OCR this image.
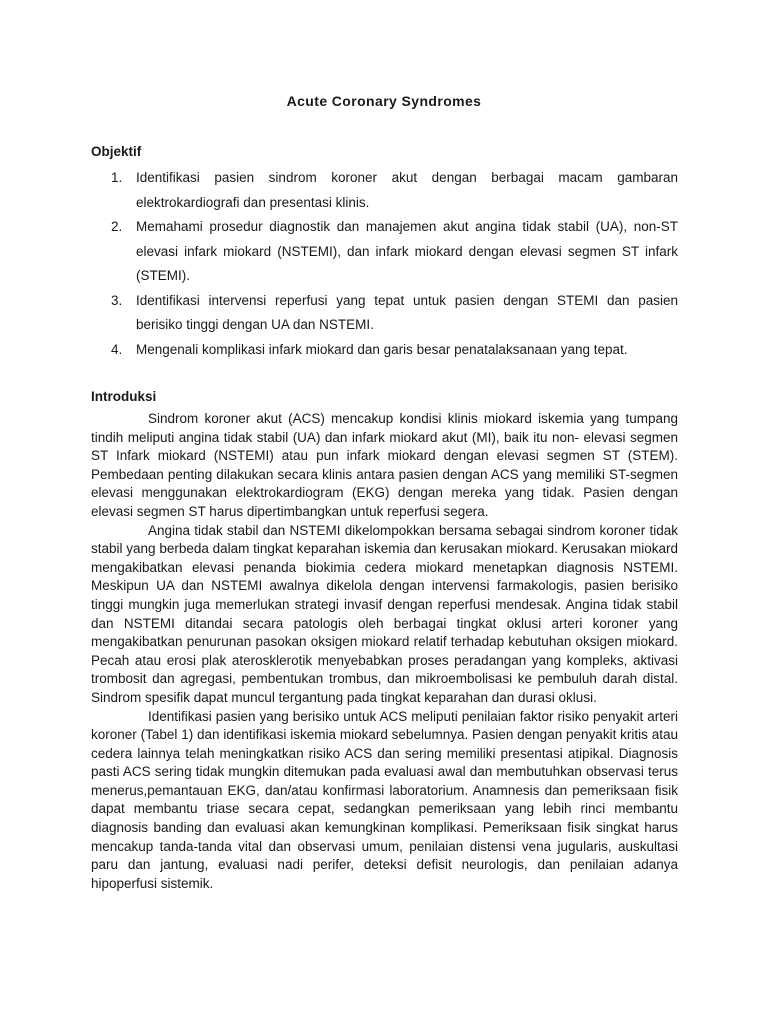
Acute Coronary Syndromes
Objektif
1. Identifikasi pasien sindrom koroner akut dengan berbagai macam gambaran elektrokardiografi dan presentasi klinis.
2. Memahami prosedur diagnostik dan manajemen akut angina tidak stabil (UA), non-ST elevasi infark miokard (NSTEMI), dan infark miokard dengan elevasi segmen ST infark (STEMI).
3. Identifikasi intervensi reperfusi yang tepat untuk pasien dengan STEMI dan pasien berisiko tinggi dengan UA dan NSTEMI.
4. Mengenali komplikasi infark miokard dan garis besar penatalaksanaan yang tepat.
Introduksi

Sindrom koroner akut (ACS) mencakup kondisi klinis miokard iskemia yang tumpang tindih meliputi angina tidak stabil (UA) dan infark miokard akut (MI), baik itu non- elevasi segmen ST Infark miokard (NSTEMI) atau pun infark miokard dengan elevasi segmen ST (STEM). Pembedaan penting dilakukan secara klinis antara pasien dengan ACS yang memiliki ST-segmen elevasi menggunakan elektrokardiogram (EKG) dengan mereka yang tidak. Pasien dengan elevasi segmen ST harus dipertimbangkan untuk reperfusi segera.

Angina tidak stabil dan NSTEMI dikelompokkan bersama sebagai sindrom koroner tidak stabil yang berbeda dalam tingkat keparahan iskemia dan kerusakan miokard. Kerusakan miokard mengakibatkan elevasi penanda biokimia cedera miokard menetapkan diagnosis NSTEMI. Meskipun UA dan NSTEMI awalnya dikelola dengan intervensi farmakologis, pasien berisiko tinggi mungkin juga memerlukan strategi invasif dengan reperfusi mendesak. Angina tidak stabil dan NSTEMI ditandai secara patologis oleh berbagai tingkat oklusi arteri koroner yang mengakibatkan penurunan pasokan oksigen miokard relatif terhadap kebutuhan oksigen miokard. Pecah atau erosi plak aterosklerotik menyebabkan proses peradangan yang kompleks, aktivasi trombosit dan agregasi, pembentukan trombus, dan mikroembolisasi ke pembuluh darah distal. Sindrom spesifik dapat muncul tergantung pada tingkat keparahan dan durasi oklusi.

Identifikasi pasien yang berisiko untuk ACS meliputi penilaian faktor risiko penyakit arteri koroner (Tabel 1) dan identifikasi iskemia miokard sebelumnya. Pasien dengan penyakit kritis atau cedera lainnya telah meningkatkan risiko ACS dan sering memiliki presentasi atipikal. Diagnosis pasti ACS sering tidak mungkin ditemukan pada evaluasi awal dan membutuhkan observasi terus menerus,pemantauan EKG, dan/atau konfirmasi laboratorium. Anamnesis dan pemeriksaan fisik dapat membantu triase secara cepat, sedangkan pemeriksaan yang lebih rinci membantu diagnosis banding dan evaluasi akan kemungkinan komplikasi. Pemeriksaan fisik singkat harus mencakup tanda-tanda vital dan observasi umum, penilaian distensi vena jugularis, auskultasi paru dan jantung, evaluasi nadi perifer, deteksi defisit neurologis, dan penilaian adanya hipoperfusi sistemik.
